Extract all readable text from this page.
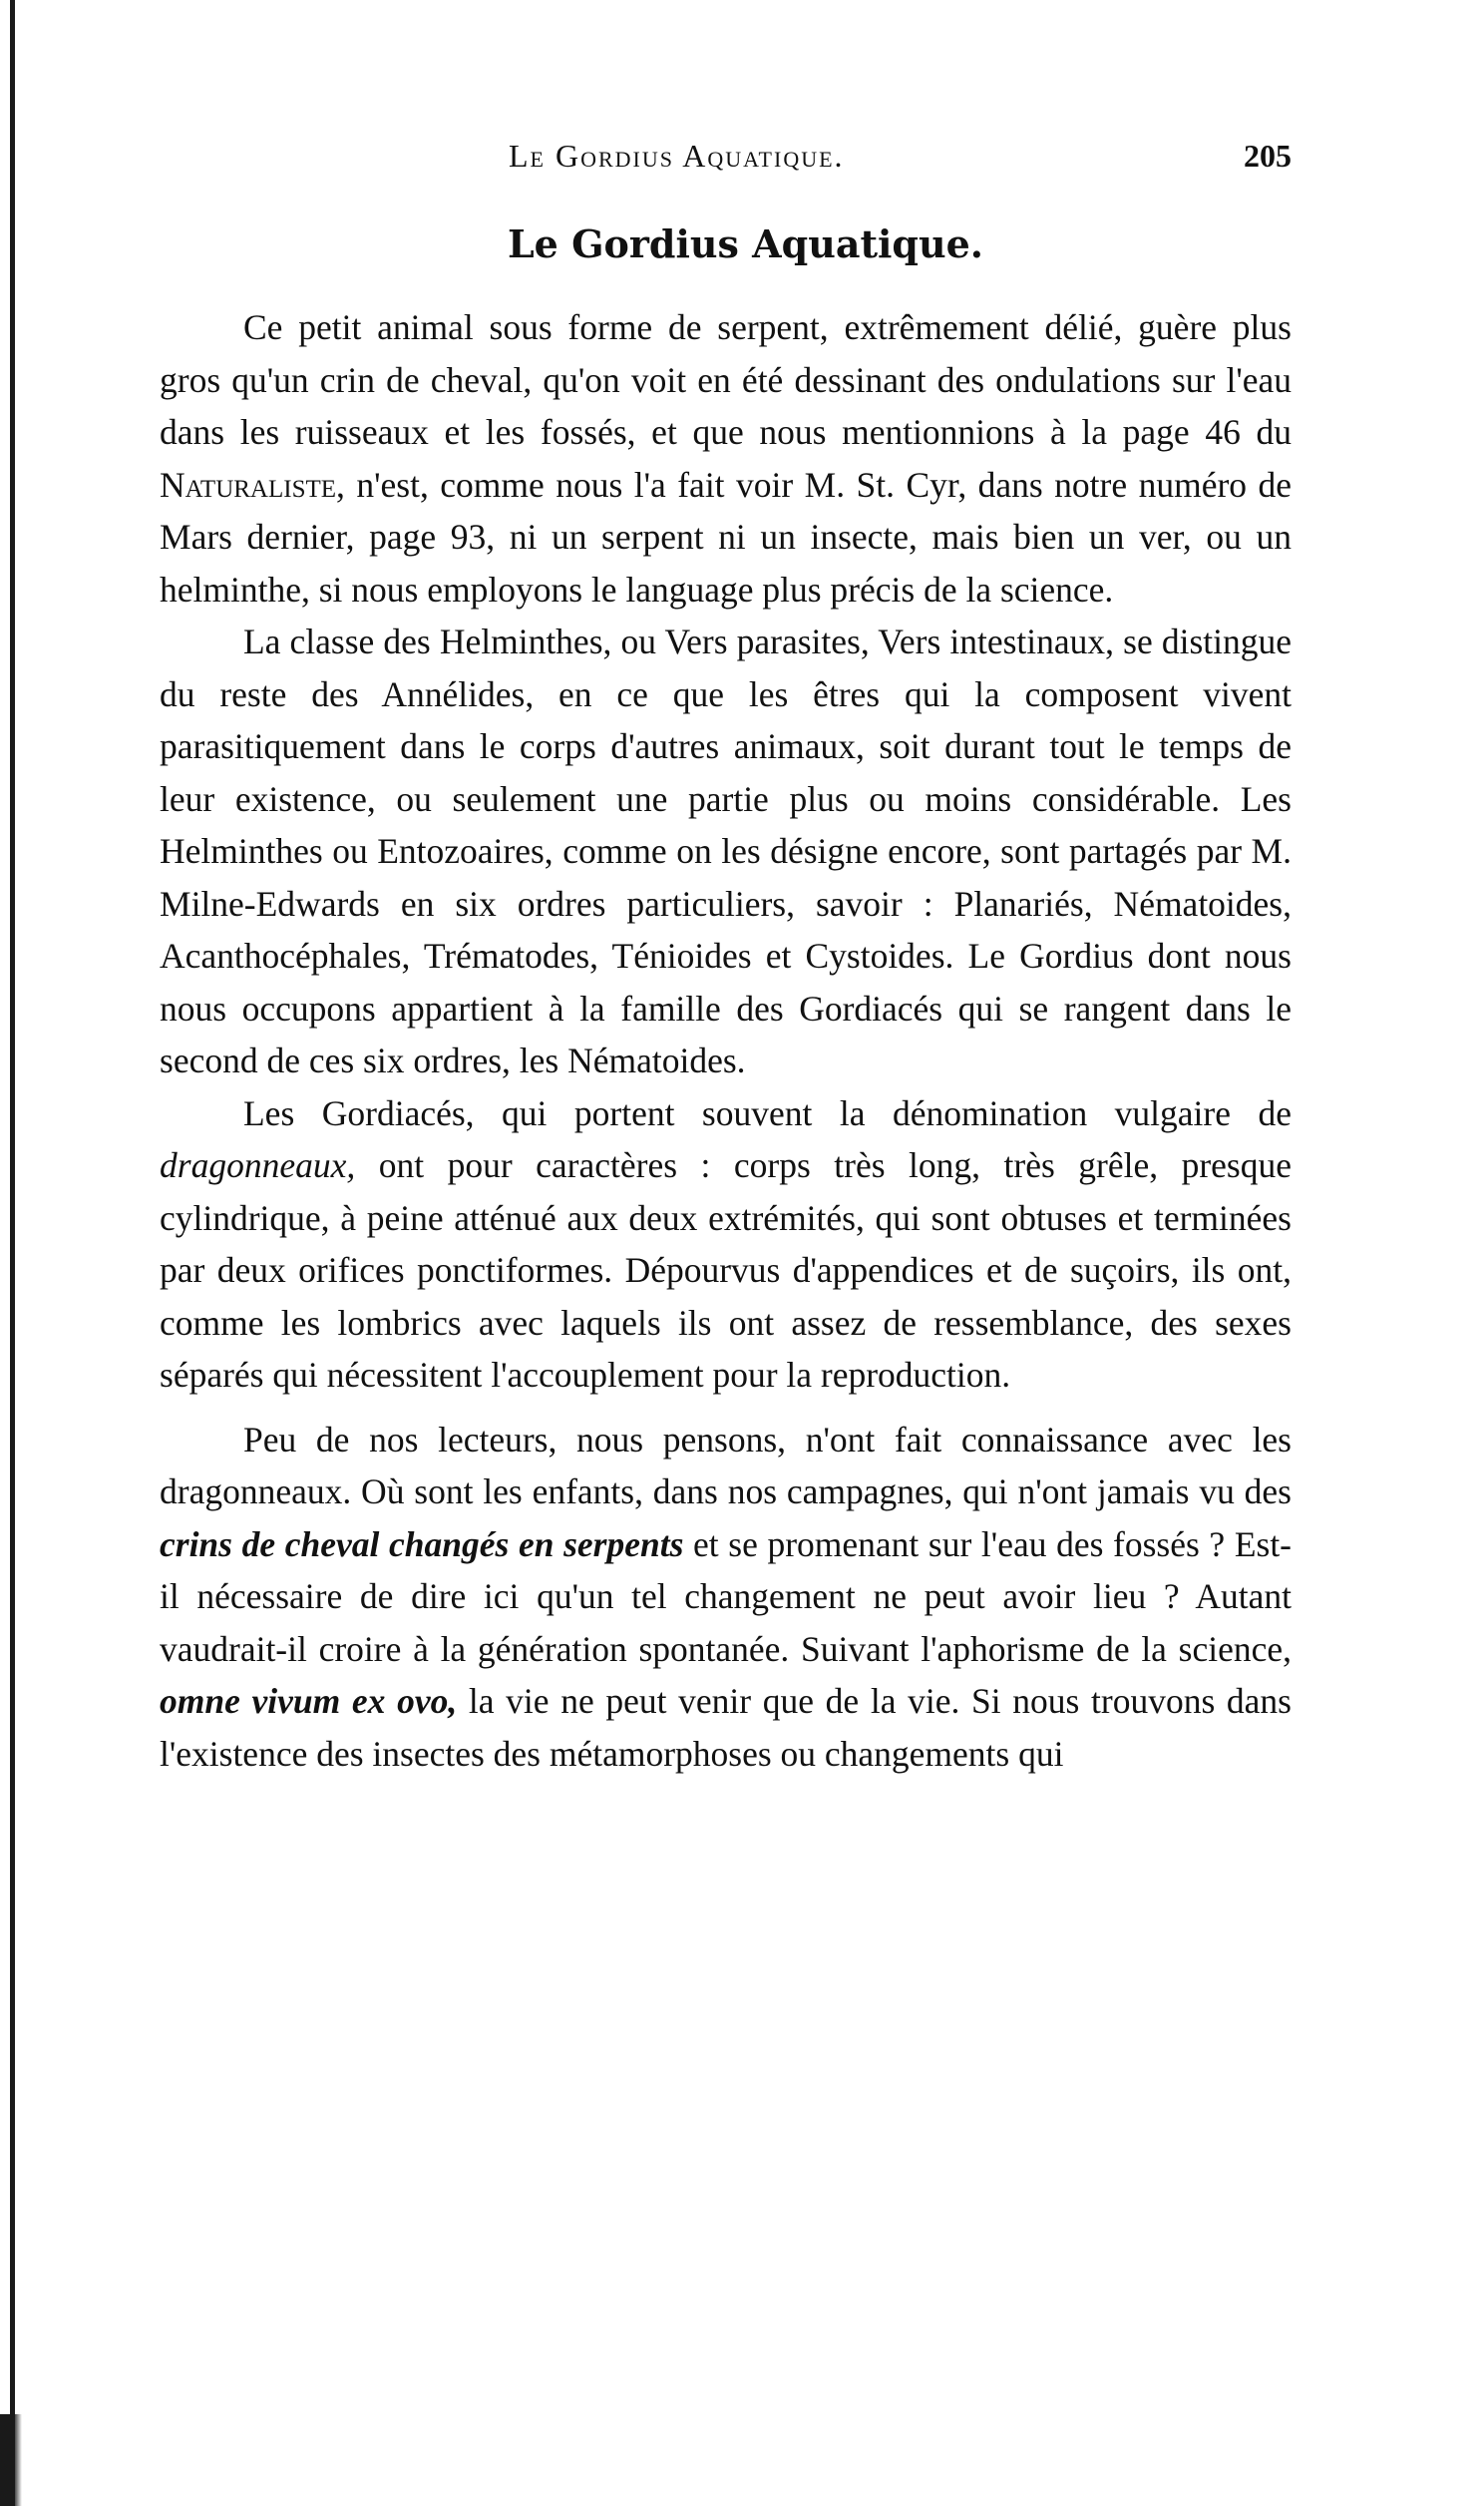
Le Gordius Aquatique.	205
Le Gordius Aquatique.

Ce petit animal sous forme de serpent, extrêmement délié, guère plus gros qu'un crin de cheval, qu'on voit en été dessinant des ondulations sur l'eau dans les ruisseaux et les fossés, et que nous mentionnions à la page 46 du Naturaliste, n'est, comme nous l'a fait voir M. St. Cyr, dans notre numéro de Mars dernier, page 93, ni un serpent ni un insecte, mais bien un ver, ou un helminthe, si nous employons le language plus précis de la science.

La classe des Helminthes, ou Vers parasites, Vers intestinaux, se distingue du reste des Annélides, en ce que les êtres qui la composent vivent parasitiquement dans le corps d'autres animaux, soit durant tout le temps de leur existence, ou seulement une partie plus ou moins considérable. Les Helminthes ou Entozoaires, comme on les désigne encore, sont partagés par M. Milne-Edwards en six ordres particuliers, savoir : Planariés, Nématoides, Acanthocéphales, Trématodes, Ténioides et Cystoides. Le Gordius dont nous nous occupons appartient à la famille des Gordiacés qui se rangent dans le second de ces six ordres, les Nématoides.

Les Gordiacés, qui portent souvent la dénomination vulgaire de dragonneaux, ont pour caractères : corps très long, très grêle, presque cylindrique, à peine atténué aux deux extrémités, qui sont obtuses et terminées par deux orifices ponctiformes. Dépourvus d'appendices et de suçoirs, ils ont, comme les lombrics avec laquels ils ont assez de ressemblance, des sexes séparés qui nécessitent l'accouplement pour la reproduction.

Peu de nos lecteurs, nous pensons, n'ont fait connaissance avec les dragonneaux. Où sont les enfants, dans nos campagnes, qui n'ont jamais vu des crins de cheval changés en serpents et se promenant sur l'eau des fossés ? Est-il nécessaire de dire ici qu'un tel changement ne peut avoir lieu ? Autant vaudrait-il croire à la génération spontanée. Suivant l'aphorisme de la science, omne vivum ex ovo, la vie ne peut venir que de la vie. Si nous trouvons dans l'existence des insectes des métamorphoses ou changements qui
